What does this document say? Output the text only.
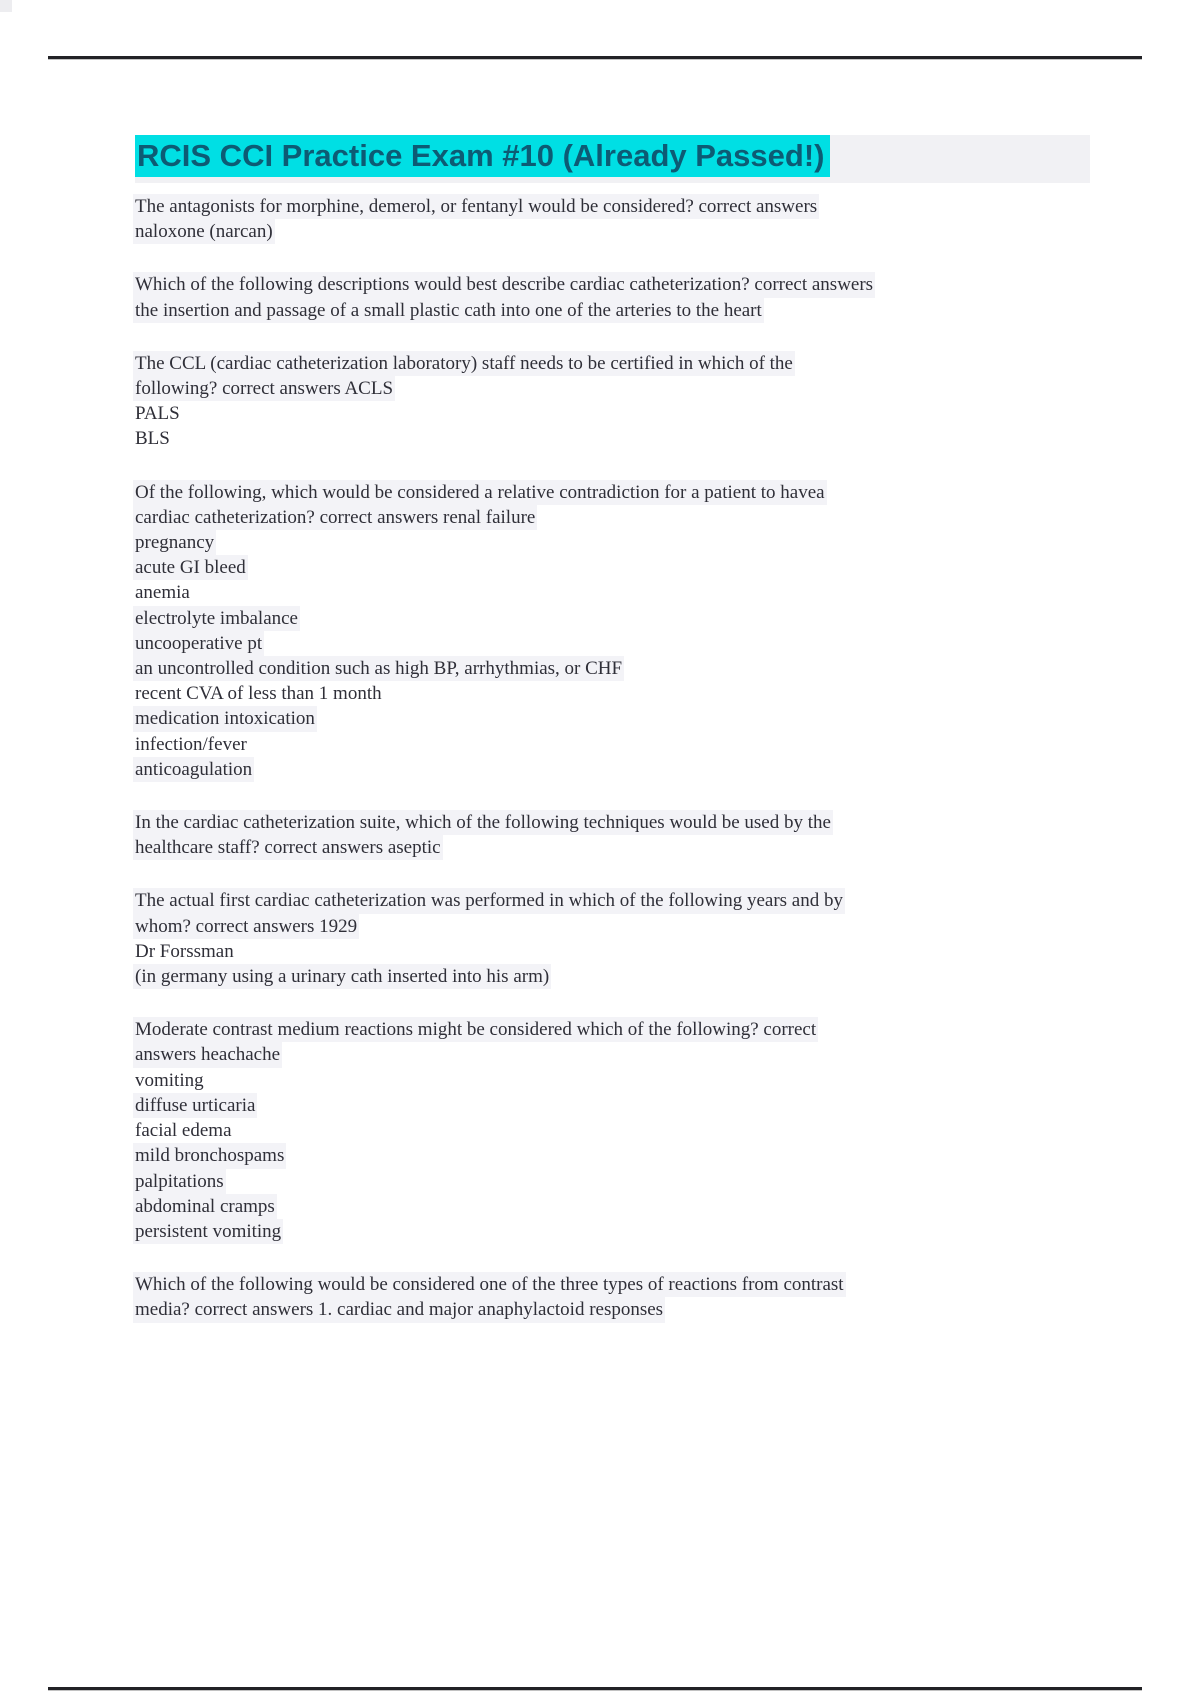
RCIS CCI Practice Exam #10 (Already Passed!)

The antagonists for morphine, demerol, or fentanyl would be considered? correct answers
naloxone (narcan)

Which of the following descriptions would best describe cardiac catheterization? correct answers
the insertion and passage of a small plastic cath into one of the arteries to the heart

The CCL (cardiac catheterization laboratory) staff needs to be certified in which of the
following? correct answers ACLS
PALS
BLS

Of the following, which would be considered a relative contradiction for a patient to havea
cardiac catheterization? correct answers renal failure
pregnancy
acute GI bleed
anemia
electrolyte imbalance
uncooperative pt
an uncontrolled condition such as high BP, arrhythmias, or CHF
recent CVA of less than 1 month
medication intoxication
infection/fever
anticoagulation

In the cardiac catheterization suite, which of the following techniques would be used by the
healthcare staff? correct answers aseptic

The actual first cardiac catheterization was performed in which of the following years and by
whom? correct answers 1929
Dr Forssman
(in germany using a urinary cath inserted into his arm)

Moderate contrast medium reactions might be considered which of the following? correct
answers heachache
vomiting
diffuse urticaria
facial edema
mild bronchospams
palpitations
abdominal cramps
persistent vomiting

Which of the following would be considered one of the three types of reactions from contrast
media? correct answers 1. cardiac and major anaphylactoid responses
